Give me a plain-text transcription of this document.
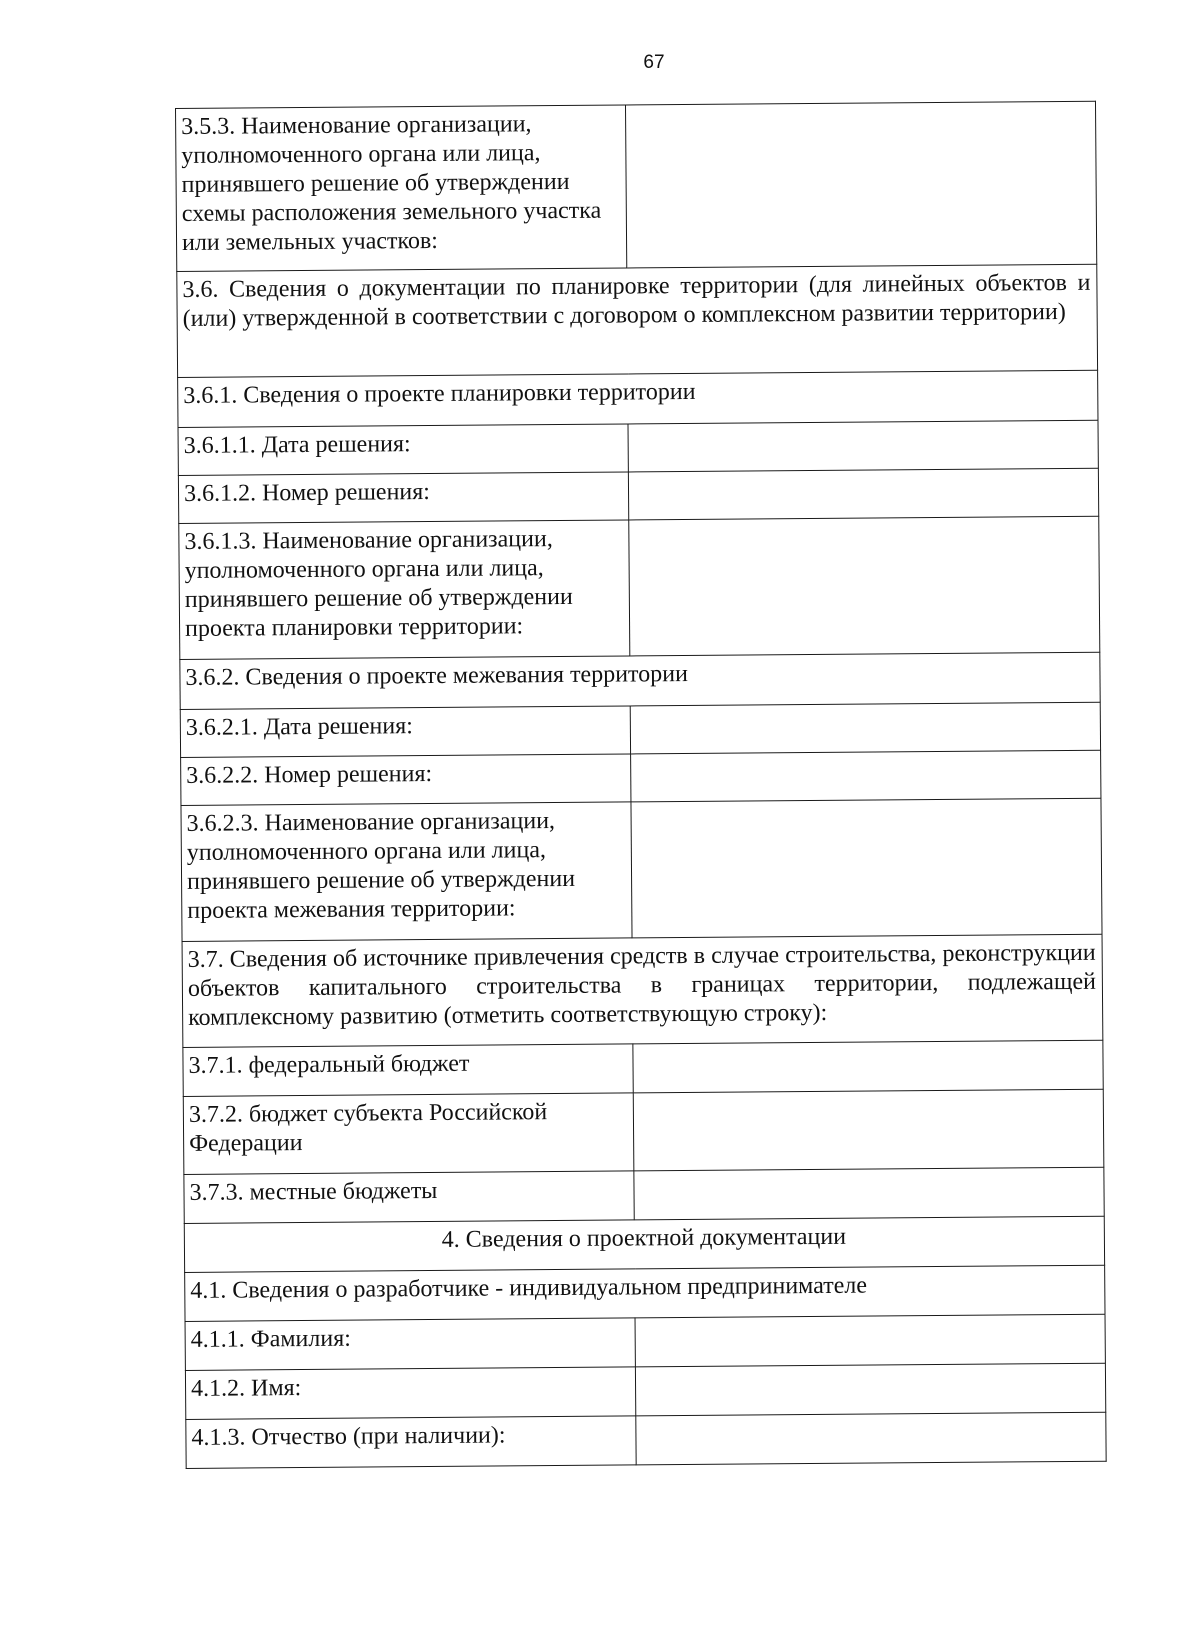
67
3.5.3. Наименование организации, уполномоченного органа или лица, принявшего решение об утверждении схемы расположения земельного участка или земельных участков:	
3.6. Сведения о документации по планировке территории (для линейных объектов и (или) утвержденной в соответствии с договором о комплексном развитии территории)	
3.6.1. Сведения о проекте планировки территории	
3.6.1.1. Дата решения:	
3.6.1.2. Номер решения:	
3.6.1.3. Наименование организации, уполномоченного органа или лица, принявшего решение об утверждении проекта планировки территории:	
3.6.2. Сведения о проекте межевания территории	
3.6.2.1. Дата решения:	
3.6.2.2. Номер решения:	
3.6.2.3. Наименование организации, уполномоченного органа или лица, принявшего решение об утверждении проекта межевания территории:	
3.7. Сведения об источнике привлечения средств в случае строительства, реконструкции объектов капитального строительства в границах территории, подлежащей комплексному развитию (отметить соответствующую строку):	
3.7.1. федеральный бюджет	
3.7.2. бюджет субъекта Российской Федерации	
3.7.3. местные бюджеты	
4. Сведения о проектной документации	
4.1. Сведения о разработчике - индивидуальном предпринимателе	
4.1.1. Фамилия:	
4.1.2. Имя:	
4.1.3. Отчество (при наличии):	
